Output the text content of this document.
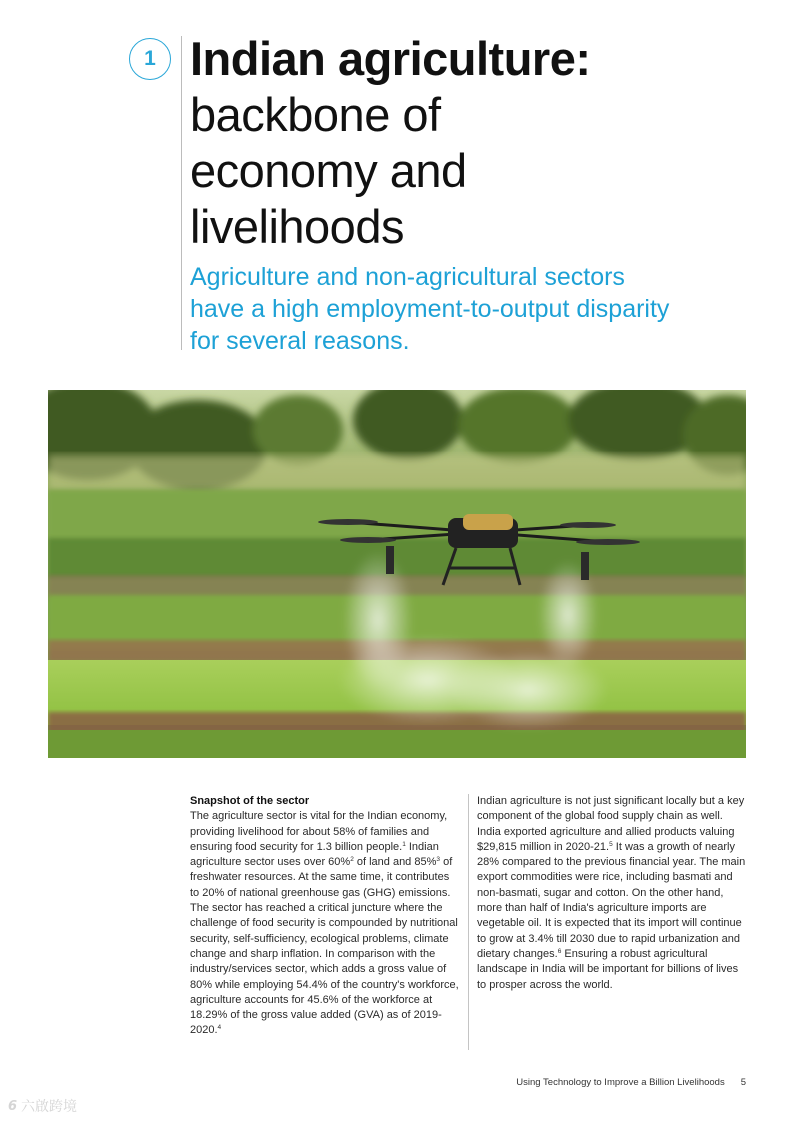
1 Indian agriculture:
backbone of
economy and
livelihoods

Agriculture and non-agricultural sectors have a high employment-to-output disparity for several reasons.

Snapshot of the sector

The agriculture sector is vital for the Indian economy, providing livelihood for about 58% of families and ensuring food security for 1.3 billion people.$^1$ Indian agriculture sector uses over 60%$^2$ of land and 85%$^3$ of freshwater resources. At the same time, it contributes to 20% of national greenhouse gas (GHG) emissions. The sector has reached a critical juncture where the challenge of food security is compounded by nutritional security, self-sufficiency, ecological problems, climate change and sharp inflation. In comparison with the industry/services sector, which adds a gross value of 80% while employing 54.4% of the country's workforce, agriculture accounts for 45.6% of the workforce at 18.29% of the gross value added (GVA) as of 2019-2020.$^4$

Indian agriculture is not just significant locally but a key component of the global food supply chain as well. India exported agriculture and allied products valuing $29,815 million in 2020-21.$^5$ It was a growth of nearly 28% compared to the previous financial year. The main export commodities were rice, including basmati and non-basmati, sugar and cotton. On the other hand, more than half of India's agriculture imports are vegetable oil. It is expected that its import will continue to grow at 3.4% till 2030 due to rapid urbanization and dietary changes.$^6$ Ensuring a robust agricultural landscape in India will be important for billions of lives to prosper across the world.

Using Technology to Improve a Billion Livelihoods 5
6 六啟跨境
